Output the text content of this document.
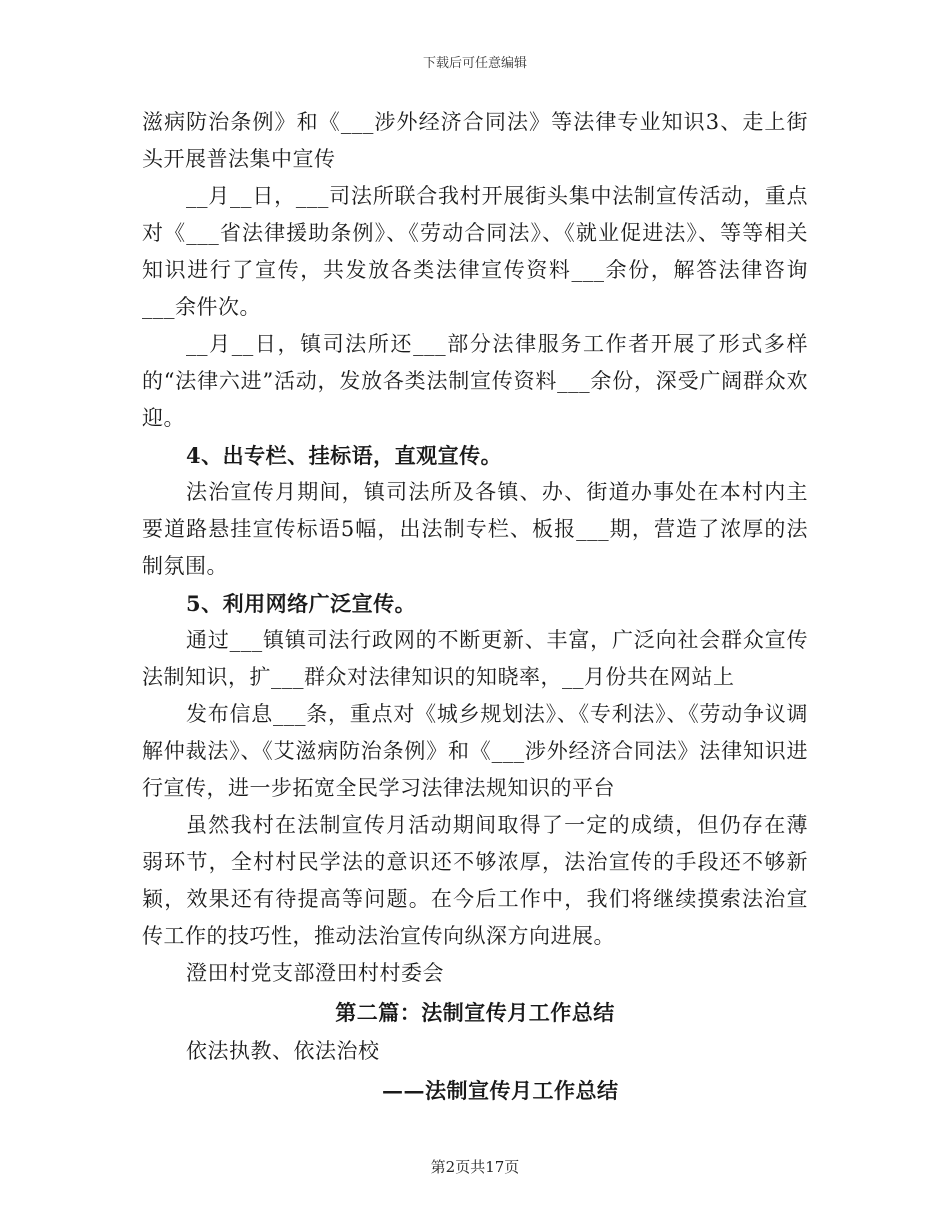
下载后可任意编辑

滋病防治条例》和《___涉外经济合同法》等法律专业知识3、走上街头开展普法集中宣传

__月__日，___司法所联合我村开展街头集中法制宣传活动，重点对《___省法律援助条例》、《劳动合同法》、《就业促进法》、等等相关知识进行了宣传，共发放各类法律宣传资料___余份，解答法律咨询___余件次。

__月__日，镇司法所还___部分法律服务工作者开展了形式多样的“法律六进”活动，发放各类法制宣传资料___余份，深受广阔群众欢迎。

4、出专栏、挂标语，直观宣传。

法治宣传月期间，镇司法所及各镇、办、街道办事处在本村内主要道路悬挂宣传标语5幅，出法制专栏、板报___期，营造了浓厚的法制氛围。

5、利用网络广泛宣传。

通过___镇镇司法行政网的不断更新、丰富，广泛向社会群众宣传法制知识，扩___群众对法律知识的知晓率，__月份共在网站上

发布信息___条，重点对《城乡规划法》、《专利法》、《劳动争议调解仲裁法》、《艾滋病防治条例》和《___涉外经济合同法》法律知识进行宣传，进一步拓宽全民学习法律法规知识的平台

虽然我村在法制宣传月活动期间取得了一定的成绩，但仍存在薄弱环节，全村村民学法的意识还不够浓厚，法治宣传的手段还不够新颖，效果还有待提高等问题。在今后工作中，我们将继续摸索法治宣传工作的技巧性，推动法治宣传向纵深方向进展。

澄田村党支部澄田村村委会

第二篇：法制宣传月工作总结

依法执教、依法治校

——法制宣传月工作总结

第2页共17页
